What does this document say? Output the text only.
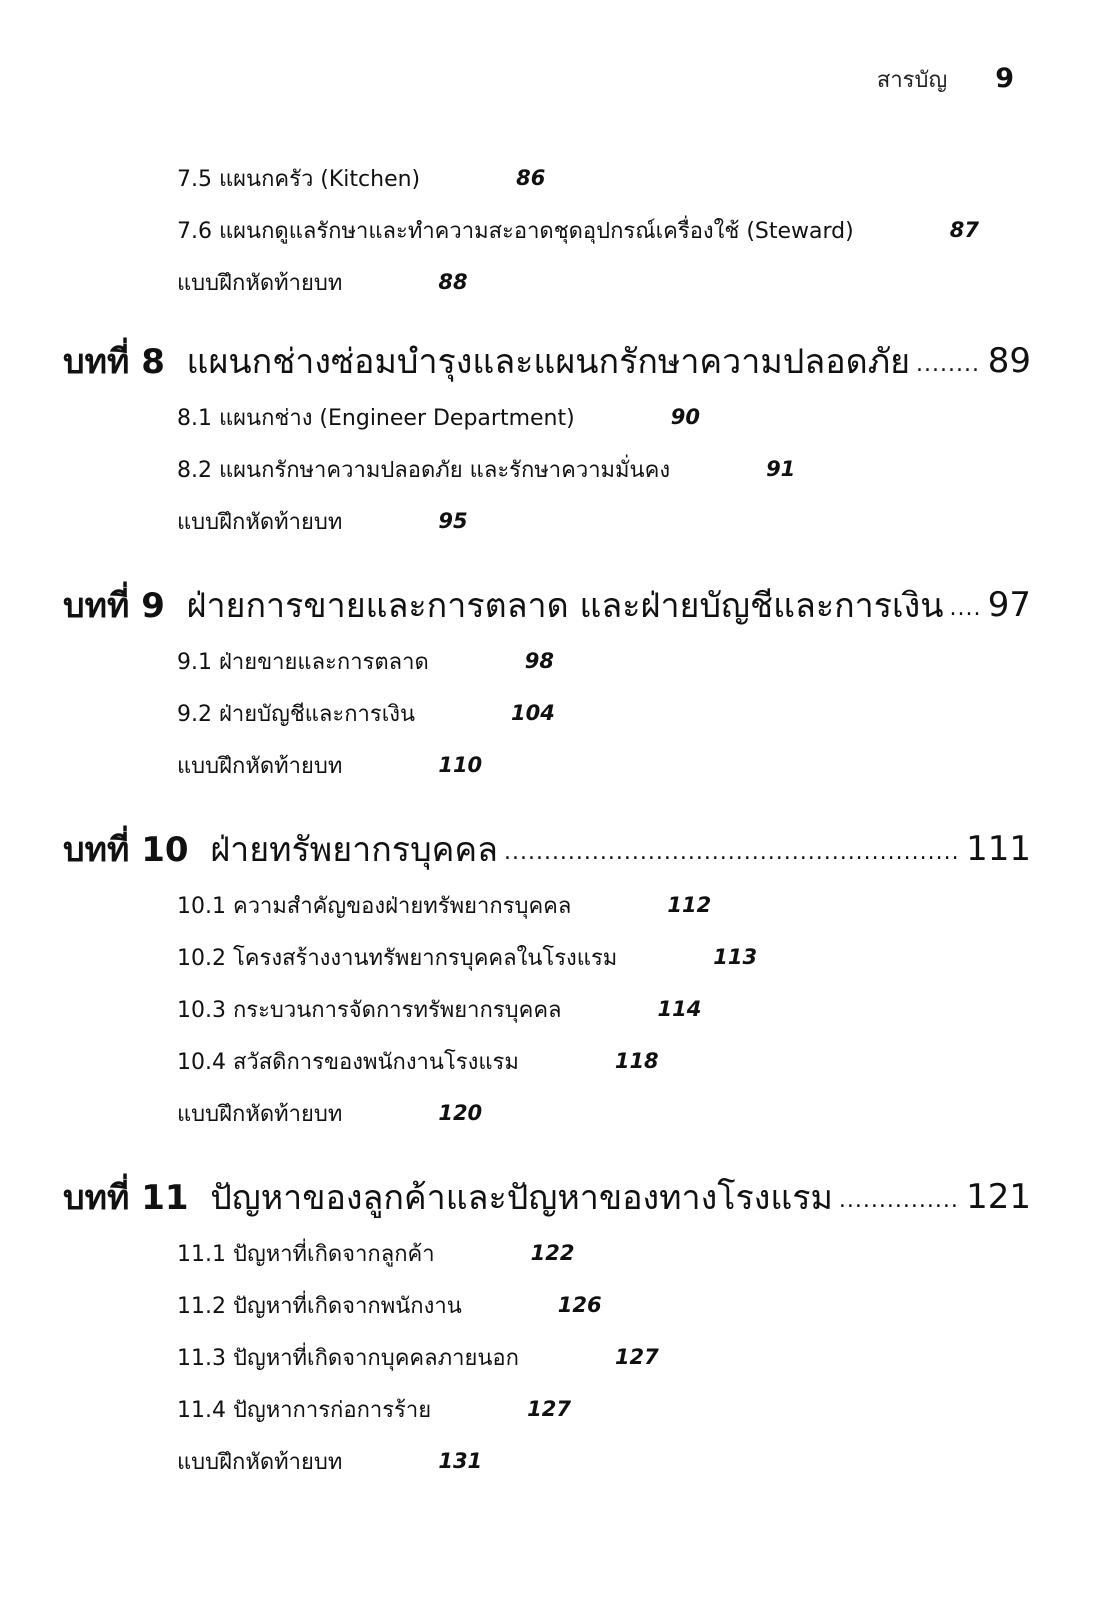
สารบัญ 9
7.5 แผนกครัว (Kitchen)	86
7.6 แผนกดูแลรักษาและทำความสะอาดชุดอุปกรณ์เครื่องใช้ (Steward)	87
แบบฝึกหัดท้ายบท	88
บทที่ 8 แผนกช่างซ่อมบำรุงและแผนกรักษาความปลอดภัย ..... 89
8.1 แผนกช่าง (Engineer Department)	90
8.2 แผนกรักษาความปลอดภัย และรักษาความมั่นคง	91
แบบฝึกหัดท้ายบท	95
บทที่ 9 ฝ่ายการขายและการตลาด และฝ่ายบัญชีและการเงิน ..... 97
9.1 ฝ่ายขายและการตลาด	98
9.2 ฝ่ายบัญชีและการเงิน	104
แบบฝึกหัดท้ายบท	110
บทที่ 10 ฝ่ายทรัพยากรบุคคล .....	111
10.1 ความสำคัญของฝ่ายทรัพยากรบุคคล	112
10.2 โครงสร้างงานทรัพยากรบุคคลในโรงแรม	113
10.3 กระบวนการจัดการทรัพยากรบุคคล	114
10.4 สวัสดิการของพนักงานโรงแรม	118
แบบฝึกหัดท้ายบท	120
บทที่ 11 ปัญหาของลูกค้าและปัญหาของทางโรงแรม .....	121
11.1 ปัญหาที่เกิดจากลูกค้า	122
11.2 ปัญหาที่เกิดจากพนักงาน	126
11.3 ปัญหาที่เกิดจากบุคคลภายนอก	127
11.4 ปัญหาการก่อการร้าย	127
แบบฝึกหัดท้ายบท	131
